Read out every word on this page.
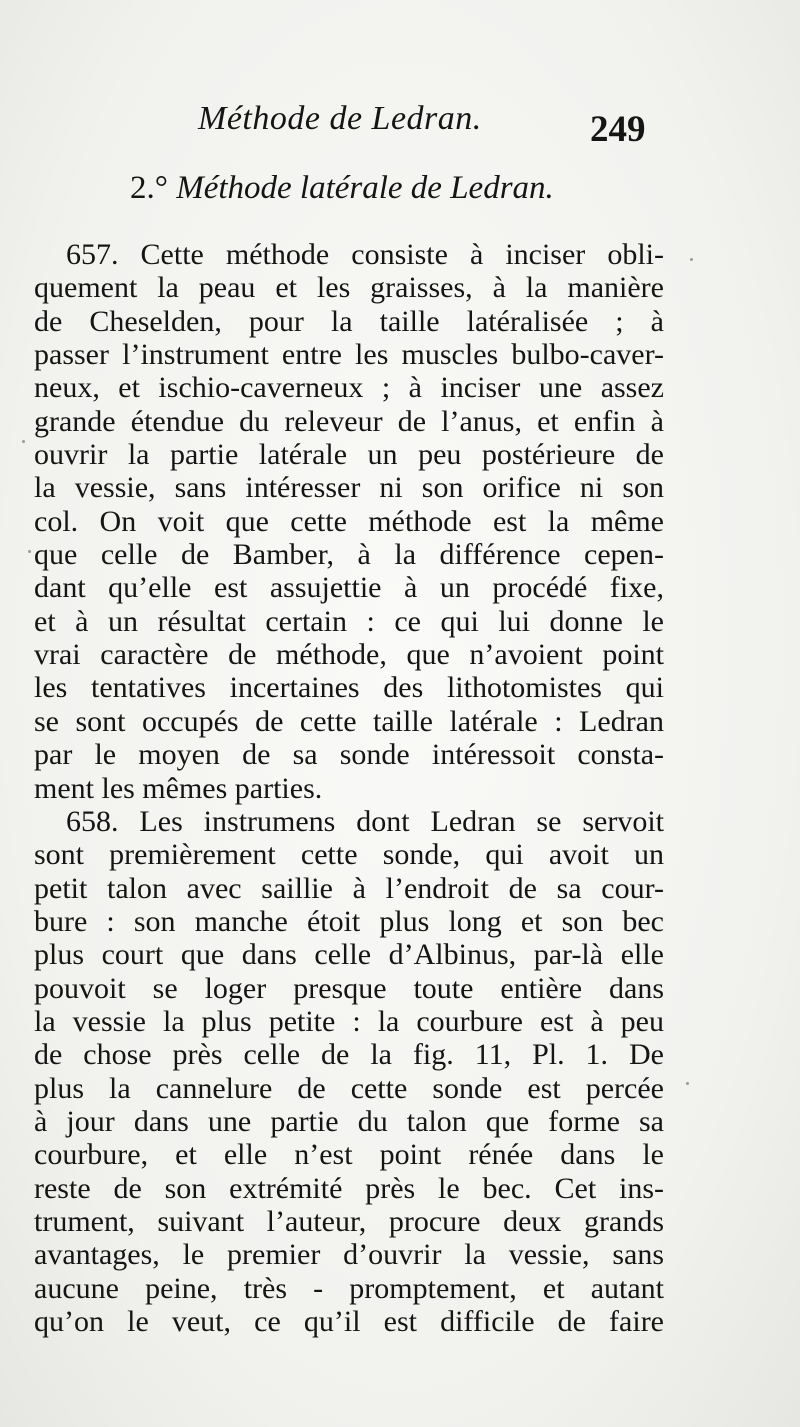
Méthode de Ledran.	249
2.° Méthode latérale de Ledran.
657. Cette méthode consiste à inciser obli-
quement la peau et les graisses, à la manière
de Cheselden, pour la taille latéralisée ; à
passer l’instrument entre les muscles bulbo-caver-
neux, et ischio-caverneux ; à inciser une assez
grande étendue du releveur de l’anus, et enfin à
ouvrir la partie latérale un peu postérieure de
la vessie, sans intéresser ni son orifice ni son
col. On voit que cette méthode est la même
que celle de Bamber, à la différence cepen-
dant qu’elle est assujettie à un procédé fixe,
et à un résultat certain : ce qui lui donne le
vrai caractère de méthode, que n’avoient point
les tentatives incertaines des lithotomistes qui
se sont occupés de cette taille latérale : Ledran
par le moyen de sa sonde intéressoit consta-
ment les mêmes parties.
658. Les instrumens dont Ledran se servoit
sont premièrement cette sonde, qui avoit un
petit talon avec saillie à l’endroit de sa cour-
bure : son manche étoit plus long et son bec
plus court que dans celle d’Albinus, par-là elle
pouvoit se loger presque toute entière dans
la vessie la plus petite : la courbure est à peu
de chose près celle de la fig. 11, Pl. 1. De
plus la cannelure de cette sonde est percée
à jour dans une partie du talon que forme sa
courbure, et elle n’est point rénée dans le
reste de son extrémité près le bec. Cet ins-
trument, suivant l’auteur, procure deux grands
avantages, le premier d’ouvrir la vessie, sans
aucune peine, très - promptement, et autant
qu’on le veut, ce qu’il est difficile de faire
